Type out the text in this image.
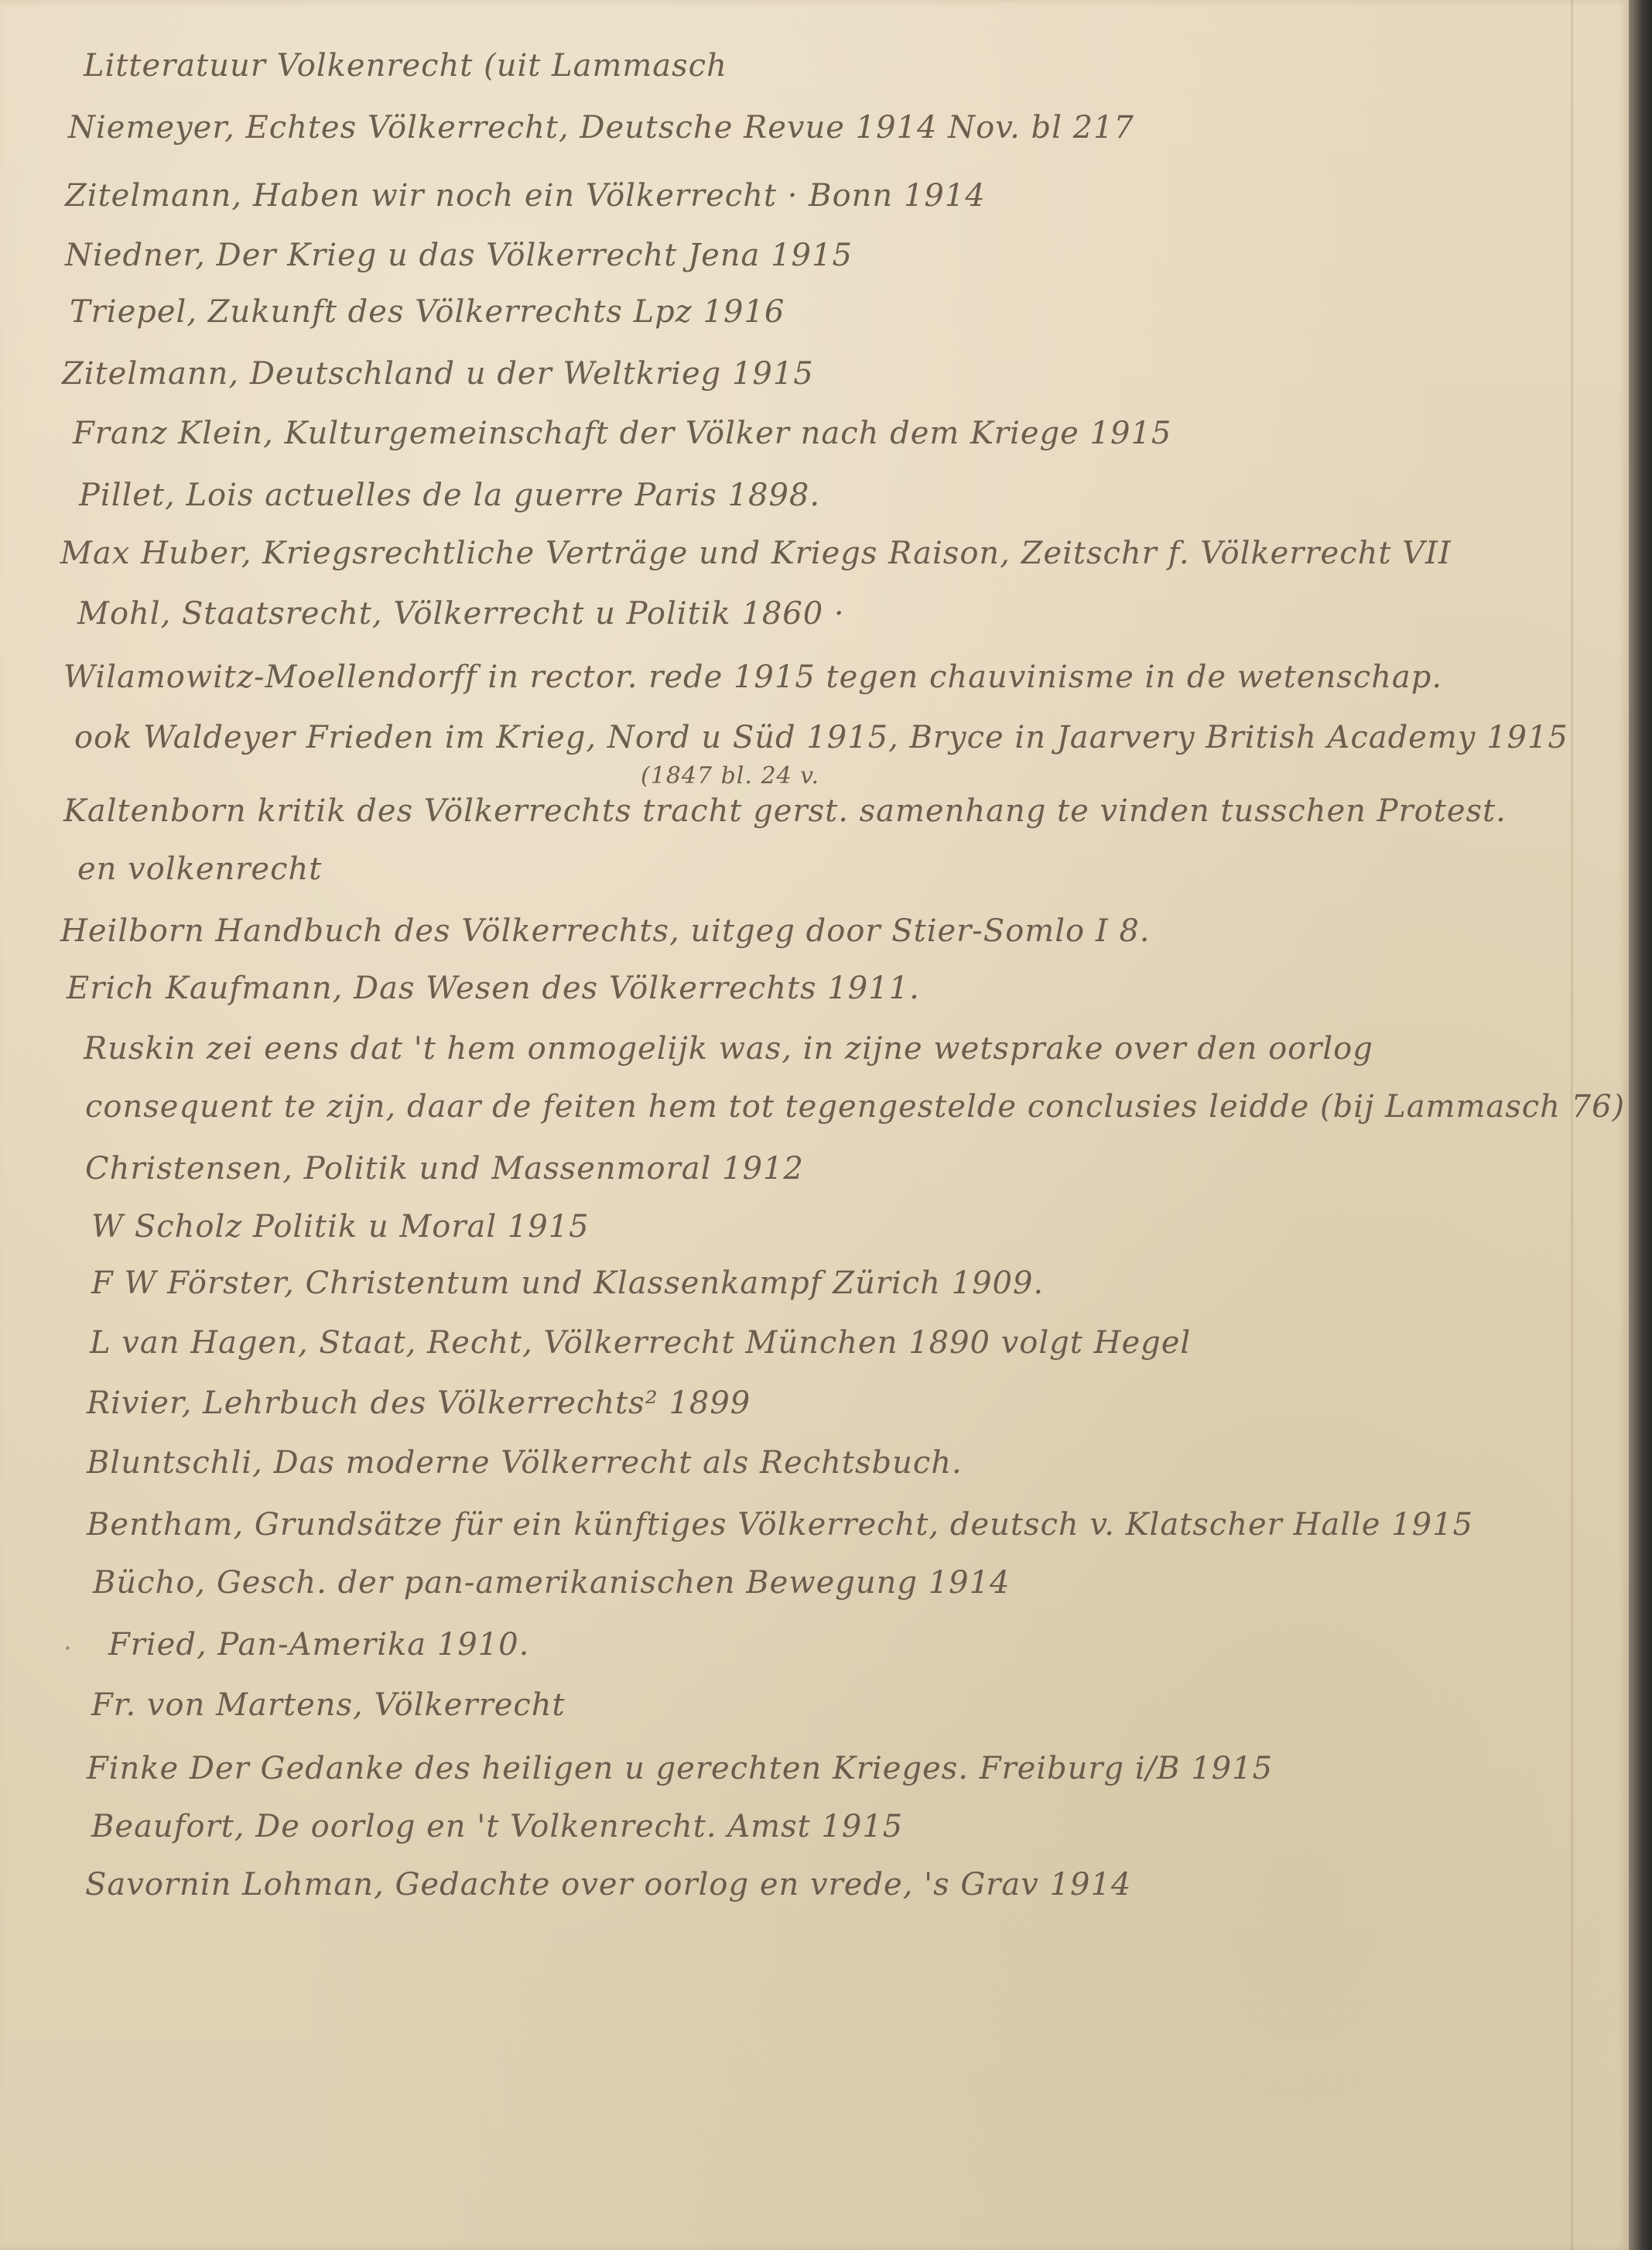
Litteratuur Volkenrecht (uit Lammasch
Niemeyer, Echtes Völkerrecht, Deutsche Revue 1914 Nov. bl 217
Zitelmann, Haben wir noch ein Völkerrecht · Bonn 1914
Niedner, Der Krieg u das Völkerrecht Jena 1915
Triepel, Zukunft des Völkerrechts Lpz 1916
Zitelmann, Deutschland u der Weltkrieg 1915
Franz Klein, Kulturgemeinschaft der Völker nach dem Kriege 1915
Pillet, Lois actuelles de la guerre Paris 1898.
Max Huber, Kriegsrechtliche Verträge und Kriegs Raison, Zeitschr f. Völkerrecht VII
Mohl, Staatsrecht, Völkerrecht u Politik 1860 ·
Wilamowitz-Moellendorff in rector. rede 1915 tegen chauvinisme in de wetenschap.
ook Waldeyer Frieden im Krieg, Nord u Süd 1915, Bryce in Jaarvery British Academy 1915
(1847 bl. 24 v.
Kaltenborn kritik des Völkerrechts tracht gerst. samenhang te vinden tusschen Protest.
en volkenrecht
Heilborn Handbuch des Völkerrechts, uitgeg door Stier-Somlo I 8.
Erich Kaufmann, Das Wesen des Völkerrechts 1911.
Ruskin zei eens dat 't hem onmogelijk was, in zijne wetsprake over den oorlog
consequent te zijn, daar de feiten hem tot tegengestelde conclusies leidde (bij Lammasch 76)
Christensen, Politik und Massenmoral 1912
W Scholz Politik u Moral 1915
F W Förster, Christentum und Klassenkampf Zürich 1909.
L van Hagen, Staat, Recht, Völkerrecht München 1890 volgt Hegel
Rivier, Lehrbuch des Völkerrechts² 1899
Bluntschli, Das moderne Völkerrecht als Rechtsbuch.
Bentham, Grundsätze für ein künftiges Völkerrecht, deutsch v. Klatscher Halle 1915
Bücho, Gesch. der pan-amerikanischen Bewegung 1914
Fried, Pan-Amerika 1910.
Fr. von Martens, Völkerrecht
Finke Der Gedanke des heiligen u gerechten Krieges. Freiburg i/B 1915
Beaufort, De oorlog en 't Volkenrecht. Amst 1915
Savornin Lohman, Gedachte over oorlog en vrede, 's Grav 1914
·
